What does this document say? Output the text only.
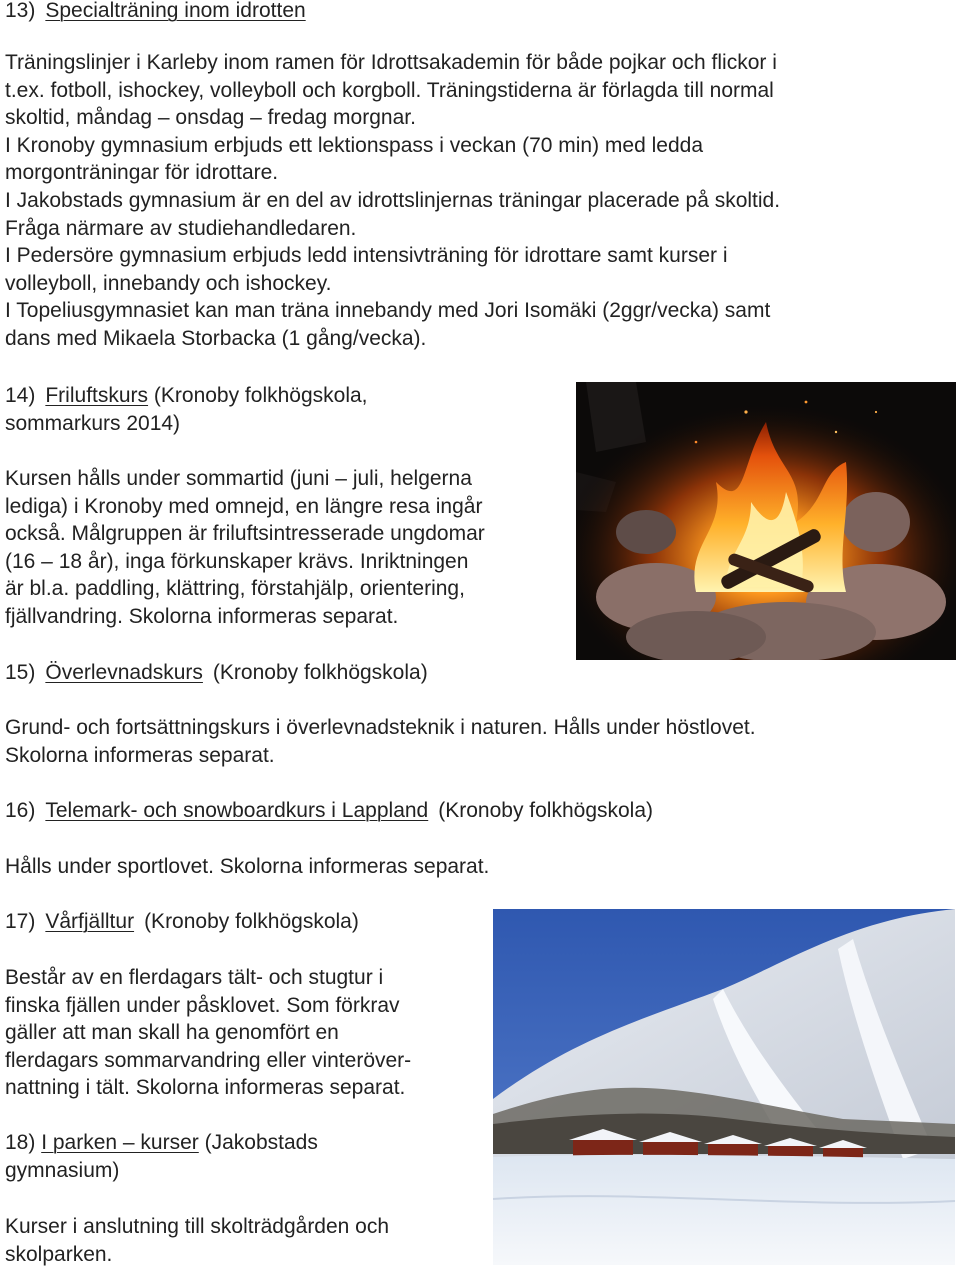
13) Specialträning inom idrotten
Träningslinjer i Karleby inom ramen för Idrottsakademin för både pojkar och flickor i
t.ex. fotboll, ishockey, volleyboll och korgboll. Träningstiderna är förlagda till normal
skoltid, måndag – onsdag – fredag morgnar.
I Kronoby gymnasium erbjuds ett lektionspass i veckan (70 min) med ledda
morgonträningar för idrottare.
I Jakobstads gymnasium är en del av idrottslinjernas träningar placerade på skoltid.
Fråga närmare av studiehandledaren.
I Pedersöre gymnasium erbjuds ledd intensivträning för idrottare samt kurser i
volleyboll, innebandy och ishockey.
I Topeliusgymnasiet kan man träna innebandy med Jori Isomäki (2ggr/vecka) samt
dans med Mikaela Storbacka (1 gång/vecka).
14) Friluftskurs (Kronoby folkhögskola,
sommarkurs 2014)
Kursen hålls under sommartid (juni – juli, helgerna
lediga) i Kronoby med omnejd, en längre resa ingår
också. Målgruppen är friluftsintresserade ungdomar
(16 – 18 år), inga förkunskaper krävs. Inriktningen
är bl.a. paddling, klättring, förstahjälp, orientering,
fjällvandring. Skolorna informeras separat.
15) Överlevnadskurs (Kronoby folkhögskola)
Grund- och fortsättningskurs i överlevnadsteknik i naturen. Hålls under höstlovet.
Skolorna informeras separat.
16) Telemark- och snowboardkurs i Lappland (Kronoby folkhögskola)
Hålls under sportlovet. Skolorna informeras separat.
17) Vårfjälltur (Kronoby folkhögskola)
Består av en flerdagars tält- och stugtur i
finska fjällen under påsklovet. Som förkrav
gäller att man skall ha genomfört en
flerdagars sommarvandring eller vinteröver-
nattning i tält. Skolorna informeras separat.
18) I parken – kurser (Jakobstads
gymnasium)
Kurser i anslutning till skolträdgården och
skolparken.
